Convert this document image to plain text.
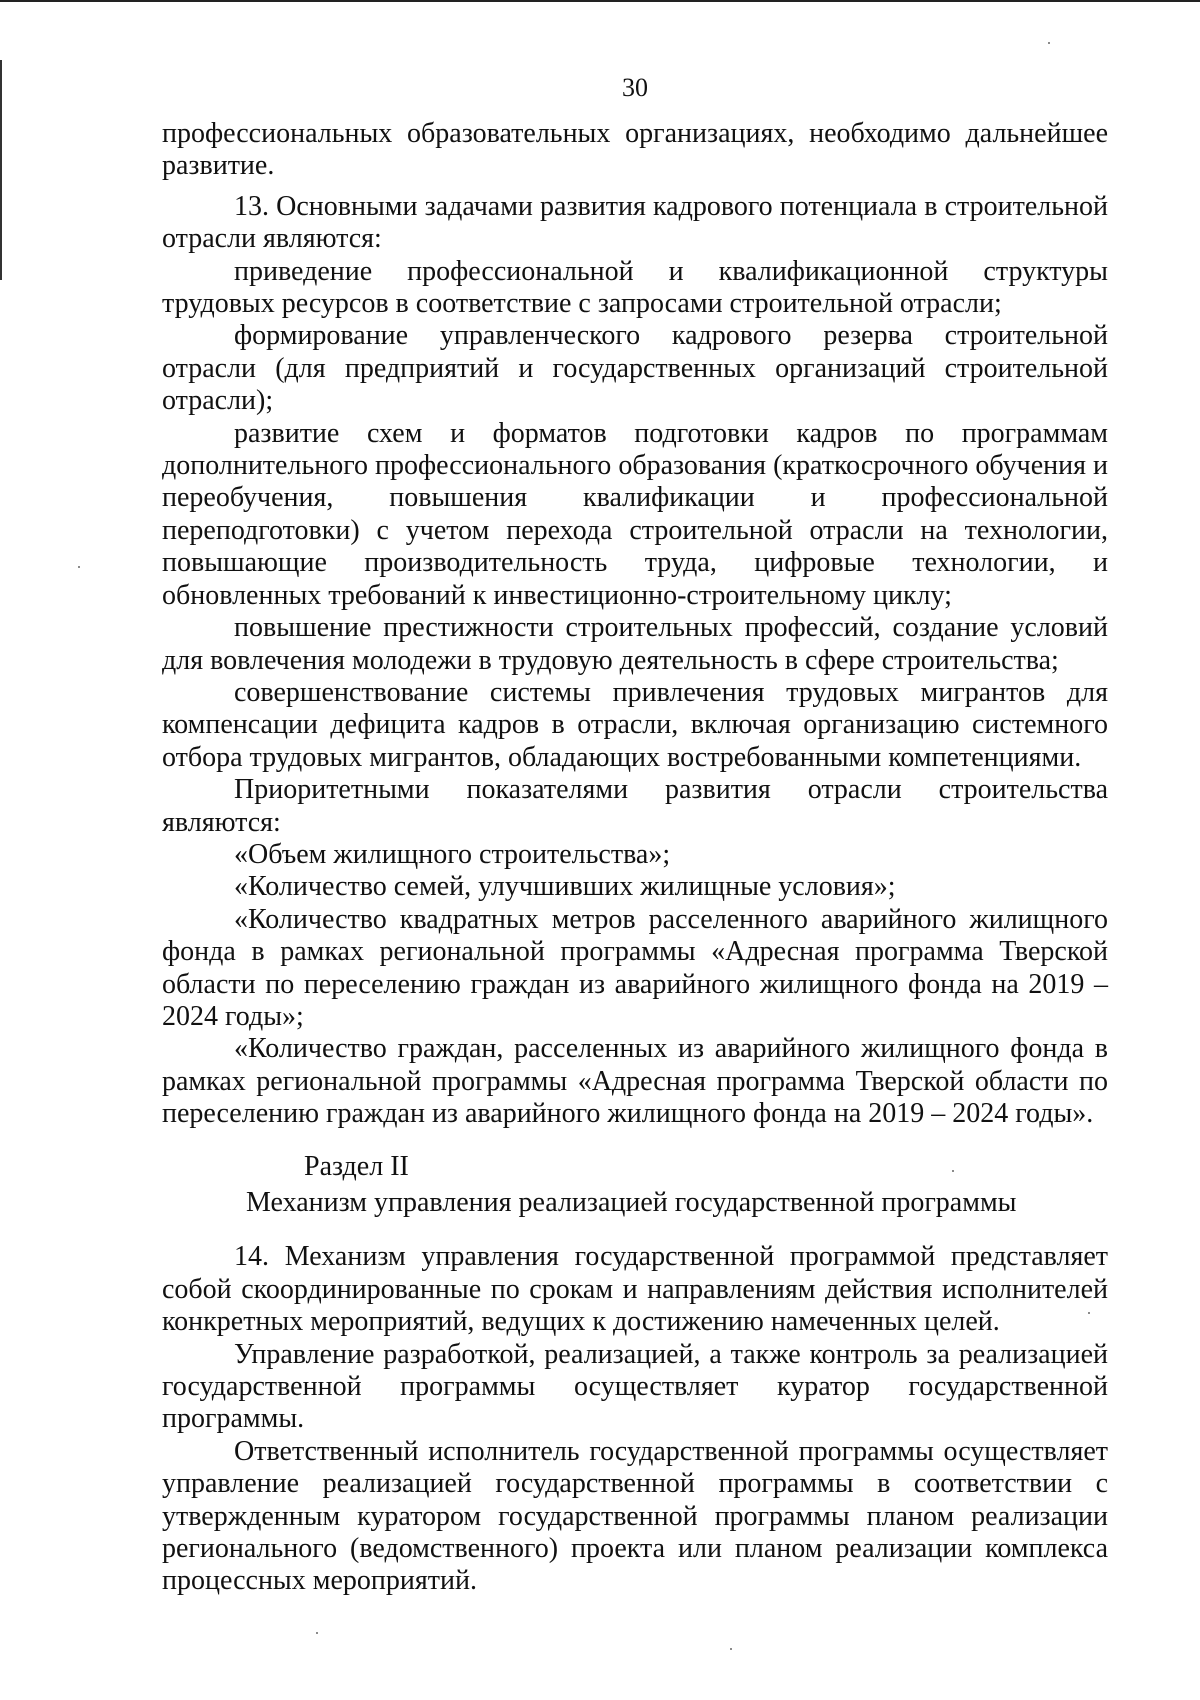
30

профессиональных образовательных организациях, необходимо дальнейшее развитие.

13. Основными задачами развития кадрового потенциала в строительной отрасли являются:

приведение профессиональной и квалификационной структуры трудовых ресурсов в соответствие с запросами строительной отрасли;

формирование управленческого кадрового резерва строительной отрасли (для предприятий и государственных организаций строительной отрасли);

развитие схем и форматов подготовки кадров по программам дополнительного профессионального образования (краткосрочного обучения и переобучения, повышения квалификации и профессиональной переподготовки) с учетом перехода строительной отрасли на технологии, повышающие производительность труда, цифровые технологии, и обновленных требований к инвестиционно-строительному циклу;

повышение престижности строительных профессий, создание условий для вовлечения молодежи в трудовую деятельность в сфере строительства;

совершенствование системы привлечения трудовых мигрантов для компенсации дефицита кадров в отрасли, включая организацию системного отбора трудовых мигрантов, обладающих востребованными компетенциями.

Приоритетными показателями развития отрасли строительства являются:

«Объем жилищного строительства»;

«Количество семей, улучшивших жилищные условия»;

«Количество квадратных метров расселенного аварийного жилищного фонда в рамках региональной программы «Адресная программа Тверской области по переселению граждан из аварийного жилищного фонда на 2019 – 2024 годы»;

«Количество граждан, расселенных из аварийного жилищного фонда в рамках региональной программы «Адресная программа Тверской области по переселению граждан из аварийного жилищного фонда на 2019 – 2024 годы».

Раздел II

Механизм управления реализацией государственной программы

14. Механизм управления государственной программой представляет собой скоординированные по срокам и направлениям действия исполнителей конкретных мероприятий, ведущих к достижению намеченных целей.

Управление разработкой, реализацией, а также контроль за реализацией государственной программы осуществляет куратор государственной программы.

Ответственный исполнитель государственной программы осуществляет управление реализацией государственной программы в соответствии с утвержденным куратором государственной программы планом реализации регионального (ведомственного) проекта или планом реализации комплекса процессных мероприятий.
